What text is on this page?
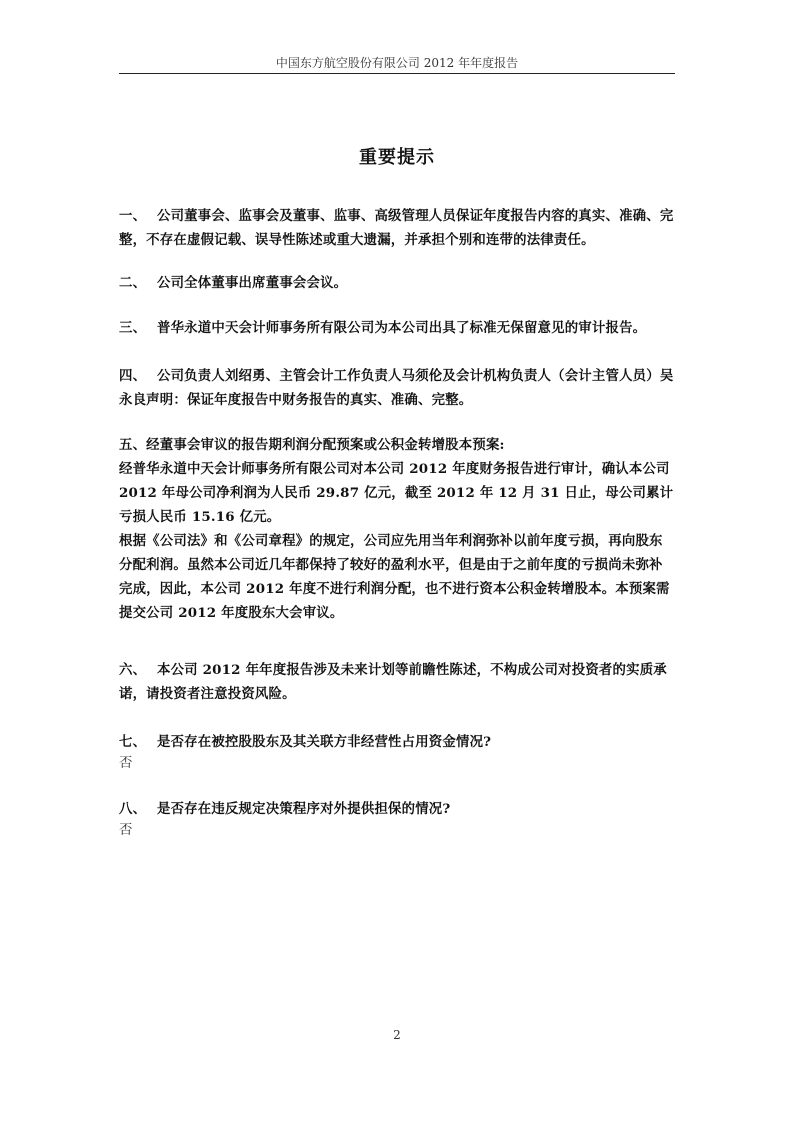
中国东方航空股份有限公司 2012 年年度报告
重要提示
一、 公司董事会、监事会及董事、监事、高级管理人员保证年度报告内容的真实、准确、完整，不存在虚假记载、误导性陈述或重大遗漏，并承担个别和连带的法律责任。
二、 公司全体董事出席董事会会议。
三、 普华永道中天会计师事务所有限公司为本公司出具了标准无保留意见的审计报告。
四、 公司负责人刘绍勇、主管会计工作负责人马须伦及会计机构负责人（会计主管人员）吴永良声明：保证年度报告中财务报告的真实、准确、完整。
五、经董事会审议的报告期利润分配预案或公积金转增股本预案:
经普华永道中天会计师事务所有限公司对本公司 2012 年度财务报告进行审计，确认本公司 2012 年母公司净利润为人民币 29.87 亿元，截至 2012 年 12 月 31 日止，母公司累计亏损人民币 15.16 亿元。
根据《公司法》和《公司章程》的规定，公司应先用当年利润弥补以前年度亏损，再向股东分配利润。虽然本公司近几年都保持了较好的盈利水平，但是由于之前年度的亏损尚未弥补完成，因此，本公司 2012 年度不进行利润分配，也不进行资本公积金转增股本。本预案需提交公司 2012 年度股东大会审议。
六、 本公司 2012 年年度报告涉及未来计划等前瞻性陈述，不构成公司对投资者的实质承诺，请投资者注意投资风险。
七、 是否存在被控股股东及其关联方非经营性占用资金情况?
否
八、 是否存在违反规定决策程序对外提供担保的情况?
否
2
